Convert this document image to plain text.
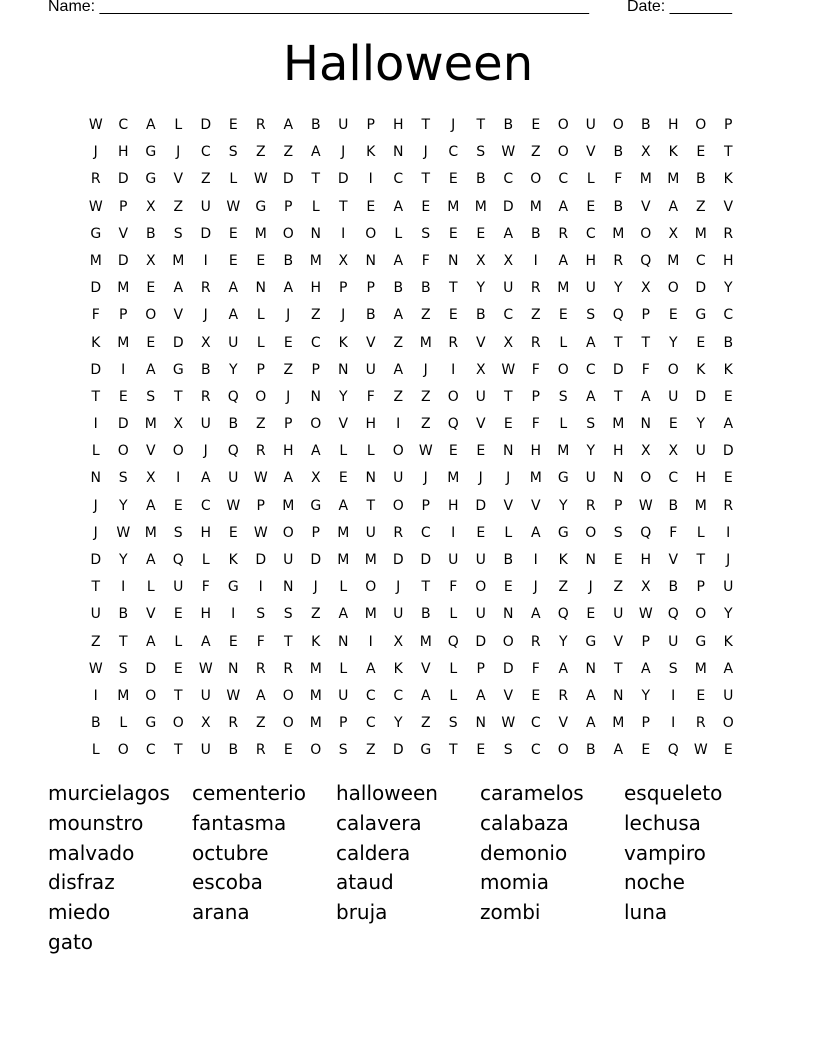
Name: _______________________________________________________ Date: _______
Halloween
W	C	A	L	D	E	R	A	B	U	P	H	T	J	T	B	E	O	U	O	B	H	O	P
J	H	G	J	C	S	Z	Z	A	J	K	N	J	C	S	W	Z	O	V	B	X	K	E	T
R	D	G	V	Z	L	W	D	T	D	I	C	T	E	B	C	O	C	L	F	M	M	B	K
W	P	X	Z	U	W	G	P	L	T	E	A	E	M	M	D	M	A	E	B	V	A	Z	V
G	V	B	S	D	E	M	O	N	I	O	L	S	E	E	A	B	R	C	M	O	X	M	R
M	D	X	M	I	E	E	B	M	X	N	A	F	N	X	X	I	A	H	R	Q	M	C	H
D	M	E	A	R	A	N	A	H	P	P	B	B	T	Y	U	R	M	U	Y	X	O	D	Y
F	P	O	V	J	A	L	J	Z	J	B	A	Z	E	B	C	Z	E	S	Q	P	E	G	C
K	M	E	D	X	U	L	E	C	K	V	Z	M	R	V	X	R	L	A	T	T	Y	E	B
D	I	A	G	B	Y	P	Z	P	N	U	A	J	I	X	W	F	O	C	D	F	O	K	K
T	E	S	T	R	Q	O	J	N	Y	F	Z	Z	O	U	T	P	S	A	T	A	U	D	E
I	D	M	X	U	B	Z	P	O	V	H	I	Z	Q	V	E	F	L	S	M	N	E	Y	A
L	O	V	O	J	Q	R	H	A	L	L	O	W	E	E	N	H	M	Y	H	X	X	U	D
N	S	X	I	A	U	W	A	X	E	N	U	J	M	J	J	M	G	U	N	O	C	H	E
J	Y	A	E	C	W	P	M	G	A	T	O	P	H	D	V	V	Y	R	P	W	B	M	R
J	W	M	S	H	E	W	O	P	M	U	R	C	I	E	L	A	G	O	S	Q	F	L	I
D	Y	A	Q	L	K	D	U	D	M	M	D	D	U	U	B	I	K	N	E	H	V	T	J
T	I	L	U	F	G	I	N	J	L	O	J	T	F	O	E	J	Z	J	Z	X	B	P	U
U	B	V	E	H	I	S	S	Z	A	M	U	B	L	U	N	A	Q	E	U	W	Q	O	Y
Z	T	A	L	A	E	F	T	K	N	I	X	M	Q	D	O	R	Y	G	V	P	U	G	K
W	S	D	E	W	N	R	R	M	L	A	K	V	L	P	D	F	A	N	T	A	S	M	A
I	M	O	T	U	W	A	O	M	U	C	C	A	L	A	V	E	R	A	N	Y	I	E	U
B	L	G	O	X	R	Z	O	M	P	C	Y	Z	S	N	W	C	V	A	M	P	I	R	O
L	O	C	T	U	B	R	E	O	S	Z	D	G	T	E	S	C	O	B	A	E	Q	W	E
murcielagos	cementerio	halloween	caramelos	esqueleto
mounstro	fantasma	calavera	calabaza	lechusa
malvado	octubre	caldera	demonio	vampiro
disfraz	escoba	ataud	momia	noche
miedo	arana	bruja	zombi	luna
gato
